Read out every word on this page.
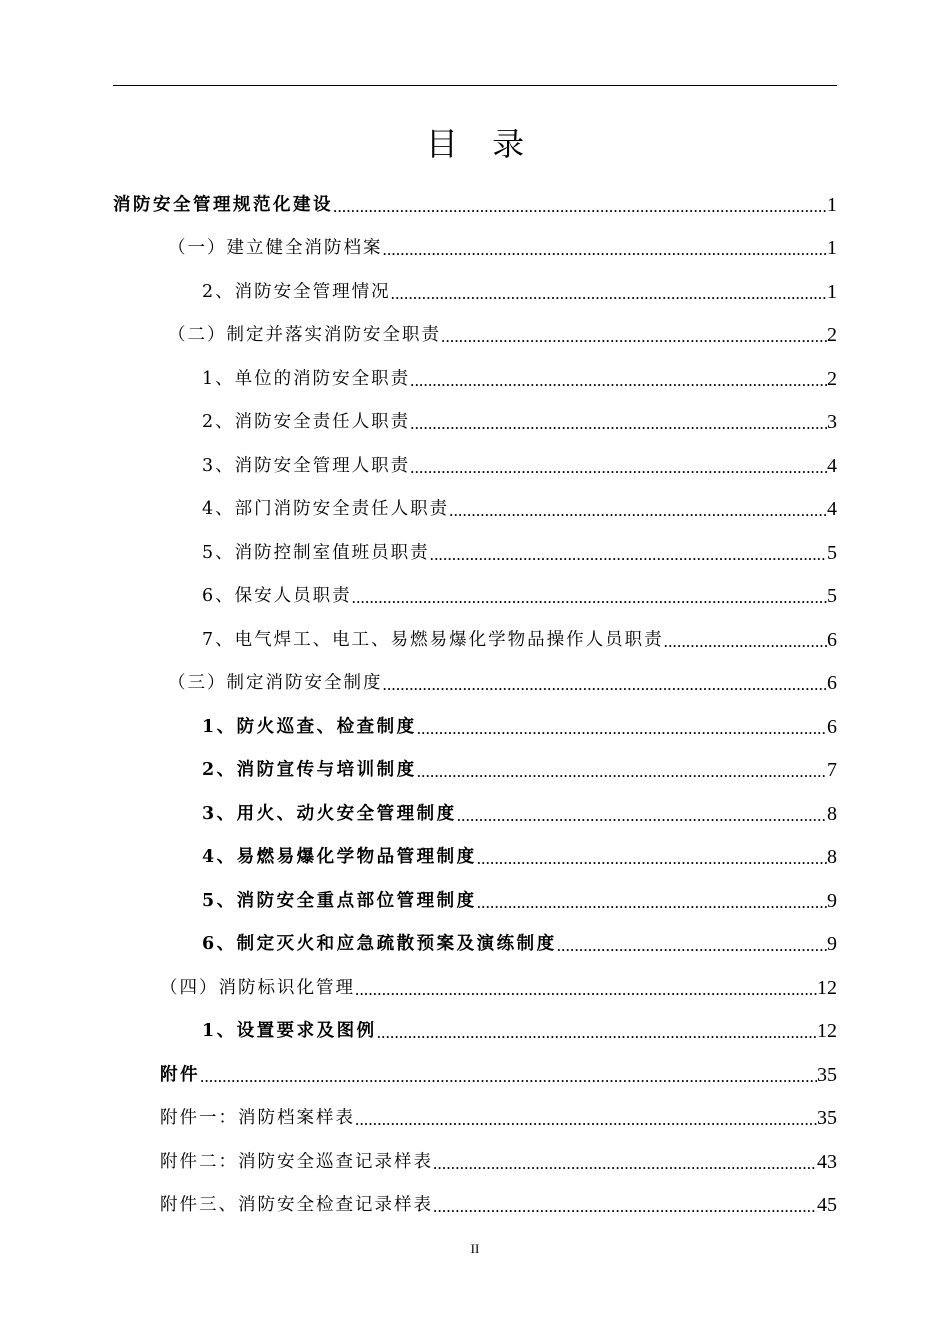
目 录
消防安全管理规范化建设 .....	1
（一）建立健全消防档案 .....	1
2、消防安全管理情况 .....	1
（二）制定并落实消防安全职责 .....	2
1、单位的消防安全职责 .....	2
2、消防安全责任人职责 .....	3
3、消防安全管理人职责 .....	4
4、部门消防安全责任人职责 .....	4
5、消防控制室值班员职责 .....	5
6、保安人员职责 .....	5
7、电气焊工、电工、易燃易爆化学物品操作人员职责 .....	6
（三）制定消防安全制度 .....	6
1、防火巡查、检查制度 .....	6
2、消防宣传与培训制度 .....	7
3、用火、动火安全管理制度 .....	8
4、易燃易爆化学物品管理制度 .....	8
5、消防安全重点部位管理制度 .....	9
6、制定灭火和应急疏散预案及演练制度 .....	9
（四）消防标识化管理 .....	12
1、设置要求及图例 .....	12
附件 .....	35
附件一：消防档案样表 .....	35
附件二：消防安全巡查记录样表 .....	43
附件三、消防安全检查记录样表 .....	45
II
